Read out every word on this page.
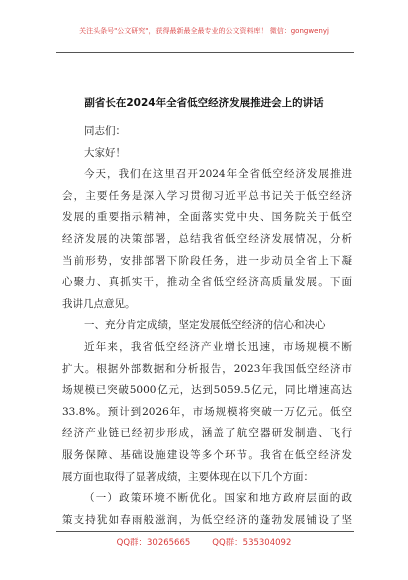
关注头条号"公文研究"，获得最新最全最专业的公文资料库！ 微信：gongwenyj
副省长在2024年全省低空经济发展推进会上的讲话
同志们：
大家好！
今天，我们在这里召开2024年全省低空经济发展推进
会，主要任务是深入学习贯彻习近平总书记关于低空经济
发展的重要指示精神，全面落实党中央、国务院关于低空
经济发展的决策部署，总结我省低空经济发展情况，分析
当前形势，安排部署下阶段任务，进一步动员全省上下凝
心聚力、真抓实干，推动全省低空经济高质量发展。下面
我讲几点意见。
一、充分肯定成绩，坚定发展低空经济的信心和决心
近年来，我省低空经济产业增长迅速，市场规模不断
扩大。根据外部数据和分析报告，2023年我国低空经济市
场规模已突破5000亿元，达到5059.5亿元，同比增速高达
33.8%。预计到2026年，市场规模将突破一万亿元。低空
经济产业链已经初步形成，涵盖了航空器研发制造、飞行
服务保障、基础设施建设等多个环节。我省在低空经济发
展方面也取得了显著成绩，主要体现在以下几个方面：
（一）政策环境不断优化。国家和地方政府层面的政
策支持犹如春雨般滋润，为低空经济的蓬勃发展铺设了坚
QQ群：30265665	QQ群：535304092
